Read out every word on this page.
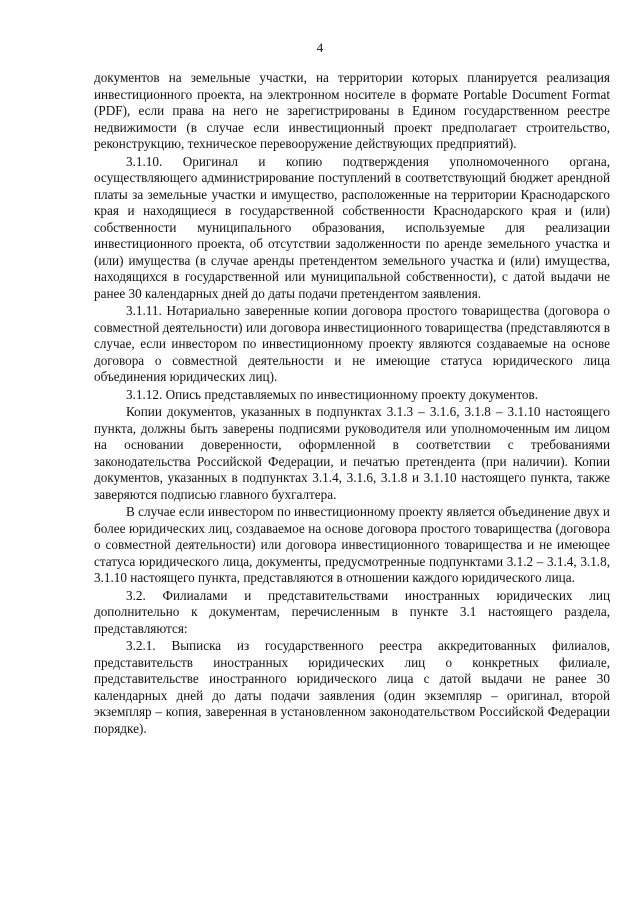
4

документов на земельные участки, на территории которых планируется реализация инвестиционного проекта, на электронном носителе в формате Portable Document Format (PDF), если права на него не зарегистрированы в Едином государственном реестре недвижимости (в случае если инвестиционный проект предполагает строительство, реконструкцию, техническое перевооружение действующих предприятий).

3.1.10. Оригинал и копию подтверждения уполномоченного органа, осуществляющего администрирование поступлений в соответствующий бюджет арендной платы за земельные участки и имущество, расположенные на территории Краснодарского края и находящиеся в государственной собственности Краснодарского края и (или) собственности муниципального образования, используемые для реализации инвестиционного проекта, об отсутствии задолженности по аренде земельного участка и (или) имущества (в случае аренды претендентом земельного участка и (или) имущества, находящихся в государственной или муниципальной собственности), с датой выдачи не ранее 30 календарных дней до даты подачи претендентом заявления.

3.1.11. Нотариально заверенные копии договора простого товарищества (договора о совместной деятельности) или договора инвестиционного товарищества (представляются в случае, если инвестором по инвестиционному проекту являются создаваемые на основе договора о совместной деятельности и не имеющие статуса юридического лица объединения юридических лиц).

3.1.12. Опись представляемых по инвестиционному проекту документов.

Копии документов, указанных в подпунктах 3.1.3 – 3.1.6, 3.1.8 – 3.1.10 настоящего пункта, должны быть заверены подписями руководителя или уполномоченным им лицом на основании доверенности, оформленной в соответствии с требованиями законодательства Российской Федерации, и печатью претендента (при наличии). Копии документов, указанных в подпунктах 3.1.4, 3.1.6, 3.1.8 и 3.1.10 настоящего пункта, также заверяются подписью главного бухгалтера.

В случае если инвестором по инвестиционному проекту является объединение двух и более юридических лиц, создаваемое на основе договора простого товарищества (договора о совместной деятельности) или договора инвестиционного товарищества и не имеющее статуса юридического лица, документы, предусмотренные подпунктами 3.1.2 – 3.1.4, 3.1.8, 3.1.10 настоящего пункта, представляются в отношении каждого юридического лица.

3.2. Филиалами и представительствами иностранных юридических лиц дополнительно к документам, перечисленным в пункте 3.1 настоящего раздела, представляются:

3.2.1. Выписка из государственного реестра аккредитованных филиалов, представительств иностранных юридических лиц о конкретных филиале, представительстве иностранного юридического лица с датой выдачи не ранее 30 календарных дней до даты подачи заявления (один экземпляр – оригинал, второй экземпляр – копия, заверенная в установленном законодательством Российской Федерации порядке).
